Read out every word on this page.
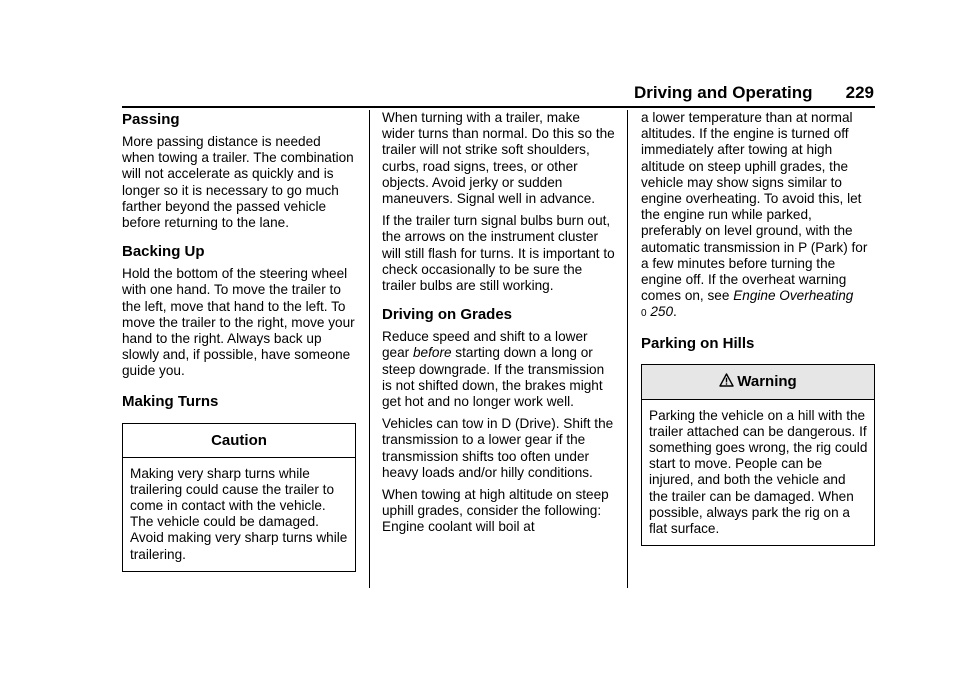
Driving and Operating 229
Passing

More passing distance is needed when towing a trailer. The combination will not accelerate as quickly and is longer so it is necessary to go much farther beyond the passed vehicle before returning to the lane.

Backing Up

Hold the bottom of the steering wheel with one hand. To move the trailer to the left, move that hand to the left. To move the trailer to the right, move your hand to the right. Always back up slowly and, if possible, have someone guide you.

Making Turns
Caution
Making very sharp turns while trailering could cause the trailer to come in contact with the vehicle. The vehicle could be damaged. Avoid making very sharp turns while trailering.

When turning with a trailer, make wider turns than normal. Do this so the trailer will not strike soft shoulders, curbs, road signs, trees, or other objects. Avoid jerky or sudden maneuvers. Signal well in advance.

If the trailer turn signal bulbs burn out, the arrows on the instrument cluster will still flash for turns. It is important to check occasionally to be sure the trailer bulbs are still working.

Driving on Grades

Reduce speed and shift to a lower gear before starting down a long or steep downgrade. If the transmission is not shifted down, the brakes might get hot and no longer work well.

Vehicles can tow in D (Drive). Shift the transmission to a lower gear if the transmission shifts too often under heavy loads and/or hilly conditions.

When towing at high altitude on steep uphill grades, consider the following: Engine coolant will boil at

a lower temperature than at normal altitudes. If the engine is turned off immediately after towing at high altitude on steep uphill grades, the vehicle may show signs similar to engine overheating. To avoid this, let the engine run while parked, preferably on level ground, with the automatic transmission in P (Park) for a few minutes before turning the engine off. If the overheat warning comes on, see Engine Overheating
0 250.

Parking on Hills
Warning
Parking the vehicle on a hill with the trailer attached can be dangerous. If something goes wrong, the rig could start to move. People can be injured, and both the vehicle and the trailer can be damaged. When possible, always park the rig on a flat surface.
